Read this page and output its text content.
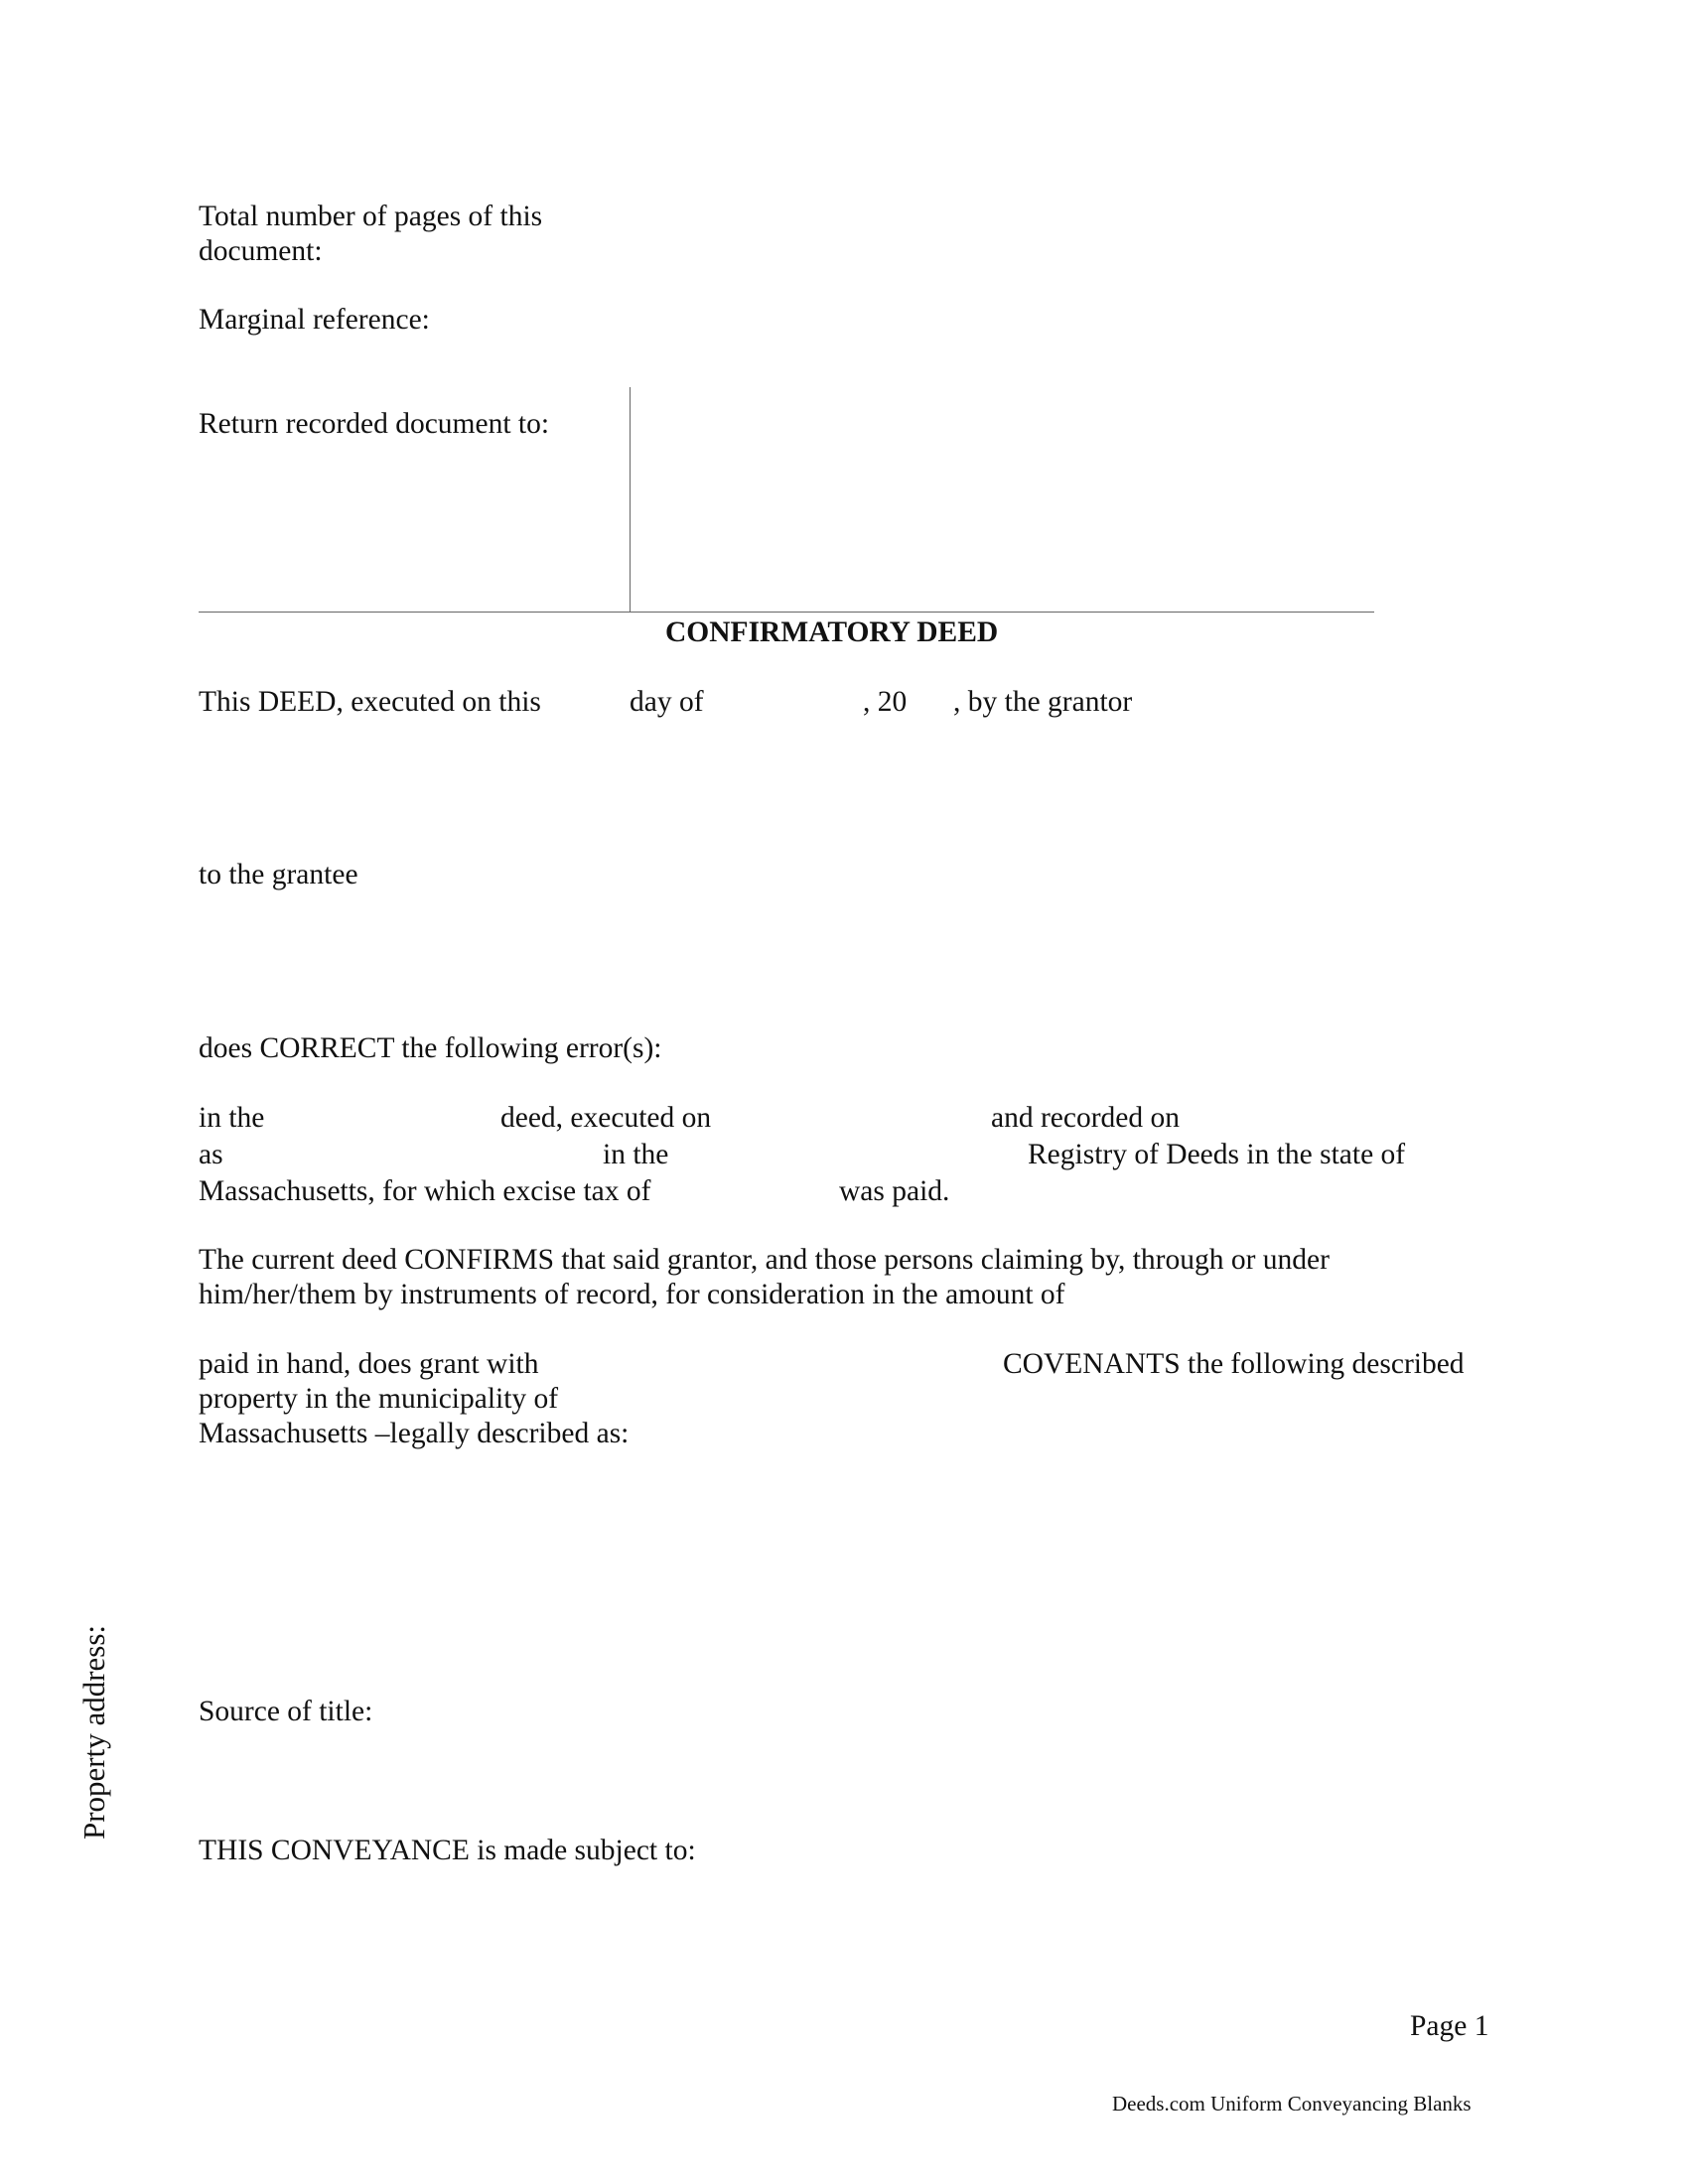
Total number of pages of this
document:
Marginal reference:
Return recorded document to:
CONFIRMATORY DEED
This DEED, executed on this	day of	, 20 , by the grantor
to the grantee
does CORRECT the following error(s):
in the	deed, executed on	and recorded on
as	in the	Registry of Deeds in the state of
Massachusetts, for which excise tax of	was paid.
The current deed CONFIRMS that said grantor, and those persons claiming by, through or under
him/her/them by instruments of record, for consideration in the amount of
paid in hand, does grant with	COVENANTS the following described
property in the municipality of
Massachusetts –legally described as:
Source of title:
THIS CONVEYANCE is made subject to:
Property address:
Page 1
Deeds.com Uniform Conveyancing Blanks
